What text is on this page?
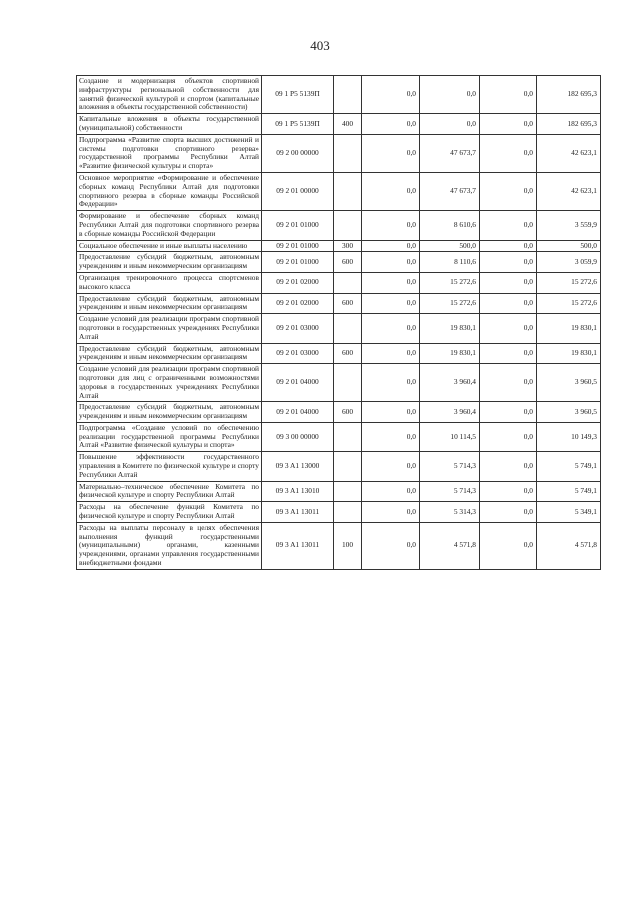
403
Создание и модернизация объектов спортивной инфраструктуры региональной собственности для занятий физической культурой и спортом (капитальные вложения в объекты государственной собственности)	09 1 P5 5139П		0,0	0,0	0,0	182 695,3
Капитальные вложения в объекты государственной (муниципальной) собственности	09 1 P5 5139П	400	0,0	0,0	0,0	182 695,3
Подпрограмма «Развитие спорта высших достижений и системы подготовки спортивного резерва» государственной программы Республики Алтай «Развитие физической культуры и спорта»	09 2 00 00000		0,0	47 673,7	0,0	42 623,1
Основное мероприятие «Формирование и обеспечение сборных команд Республики Алтай для подготовки спортивного резерва в сборные команды Российской Федерации»	09 2 01 00000		0,0	47 673,7	0,0	42 623,1
Формирование и обеспечение сборных команд Республики Алтай для подготовки спортивного резерва в сборные команды Российской Федерации	09 2 01 01000		0,0	8 610,6	0,0	3 559,9
Социальное обеспечение и иные выплаты населению	09 2 01 01000	300	0,0	500,0	0,0	500,0
Предоставление субсидий бюджетным, автономным учреждениям и иным некоммерческим организациям	09 2 01 01000	600	0,0	8 110,6	0,0	3 059,9
Организация тренировочного процесса спортсменов высокого класса	09 2 01 02000		0,0	15 272,6	0,0	15 272,6
Предоставление субсидий бюджетным, автономным учреждениям и иным некоммерческим организациям	09 2 01 02000	600	0,0	15 272,6	0,0	15 272,6
Создание условий для реализации программ спортивной подготовки в государственных учреждениях Республики Алтай	09 2 01 03000		0,0	19 830,1	0,0	19 830,1
Предоставление субсидий бюджетным, автономным учреждениям и иным некоммерческим организациям	09 2 01 03000	600	0,0	19 830,1	0,0	19 830,1
Создание условий для реализации программ спортивной подготовки для лиц с ограниченными возможностями здоровья в государственных учреждениях Республики Алтай	09 2 01 04000		0,0	3 960,4	0,0	3 960,5
Предоставление субсидий бюджетным, автономным учреждениям и иным некоммерческим организациям	09 2 01 04000	600	0,0	3 960,4	0,0	3 960,5
Подпрограмма «Создание условий по обеспечению реализации государственной программы Республики Алтай «Развитие физической культуры и спорта»	09 3 00 00000		0,0	10 114,5	0,0	10 149,3
Повышение эффективности государственного управления в Комитете по физической культуре и спорту Республики Алтай	09 3 A1 13000		0,0	5 714,3	0,0	5 749,1
Материально–техническое обеспечение Комитета по физической культуре и спорту Республики Алтай	09 3 A1 13010		0,0	5 714,3	0,0	5 749,1
Расходы на обеспечение функций Комитета по физической культуре и спорту Республики Алтай	09 3 A1 13011		0,0	5 314,3	0,0	5 349,1
Расходы на выплаты персоналу в целях обеспечения выполнения функций государственными (муниципальными) органами, казенными учреждениями, органами управления государственными внебюджетными фондами	09 3 A1 13011	100	0,0	4 571,8	0,0	4 571,8
